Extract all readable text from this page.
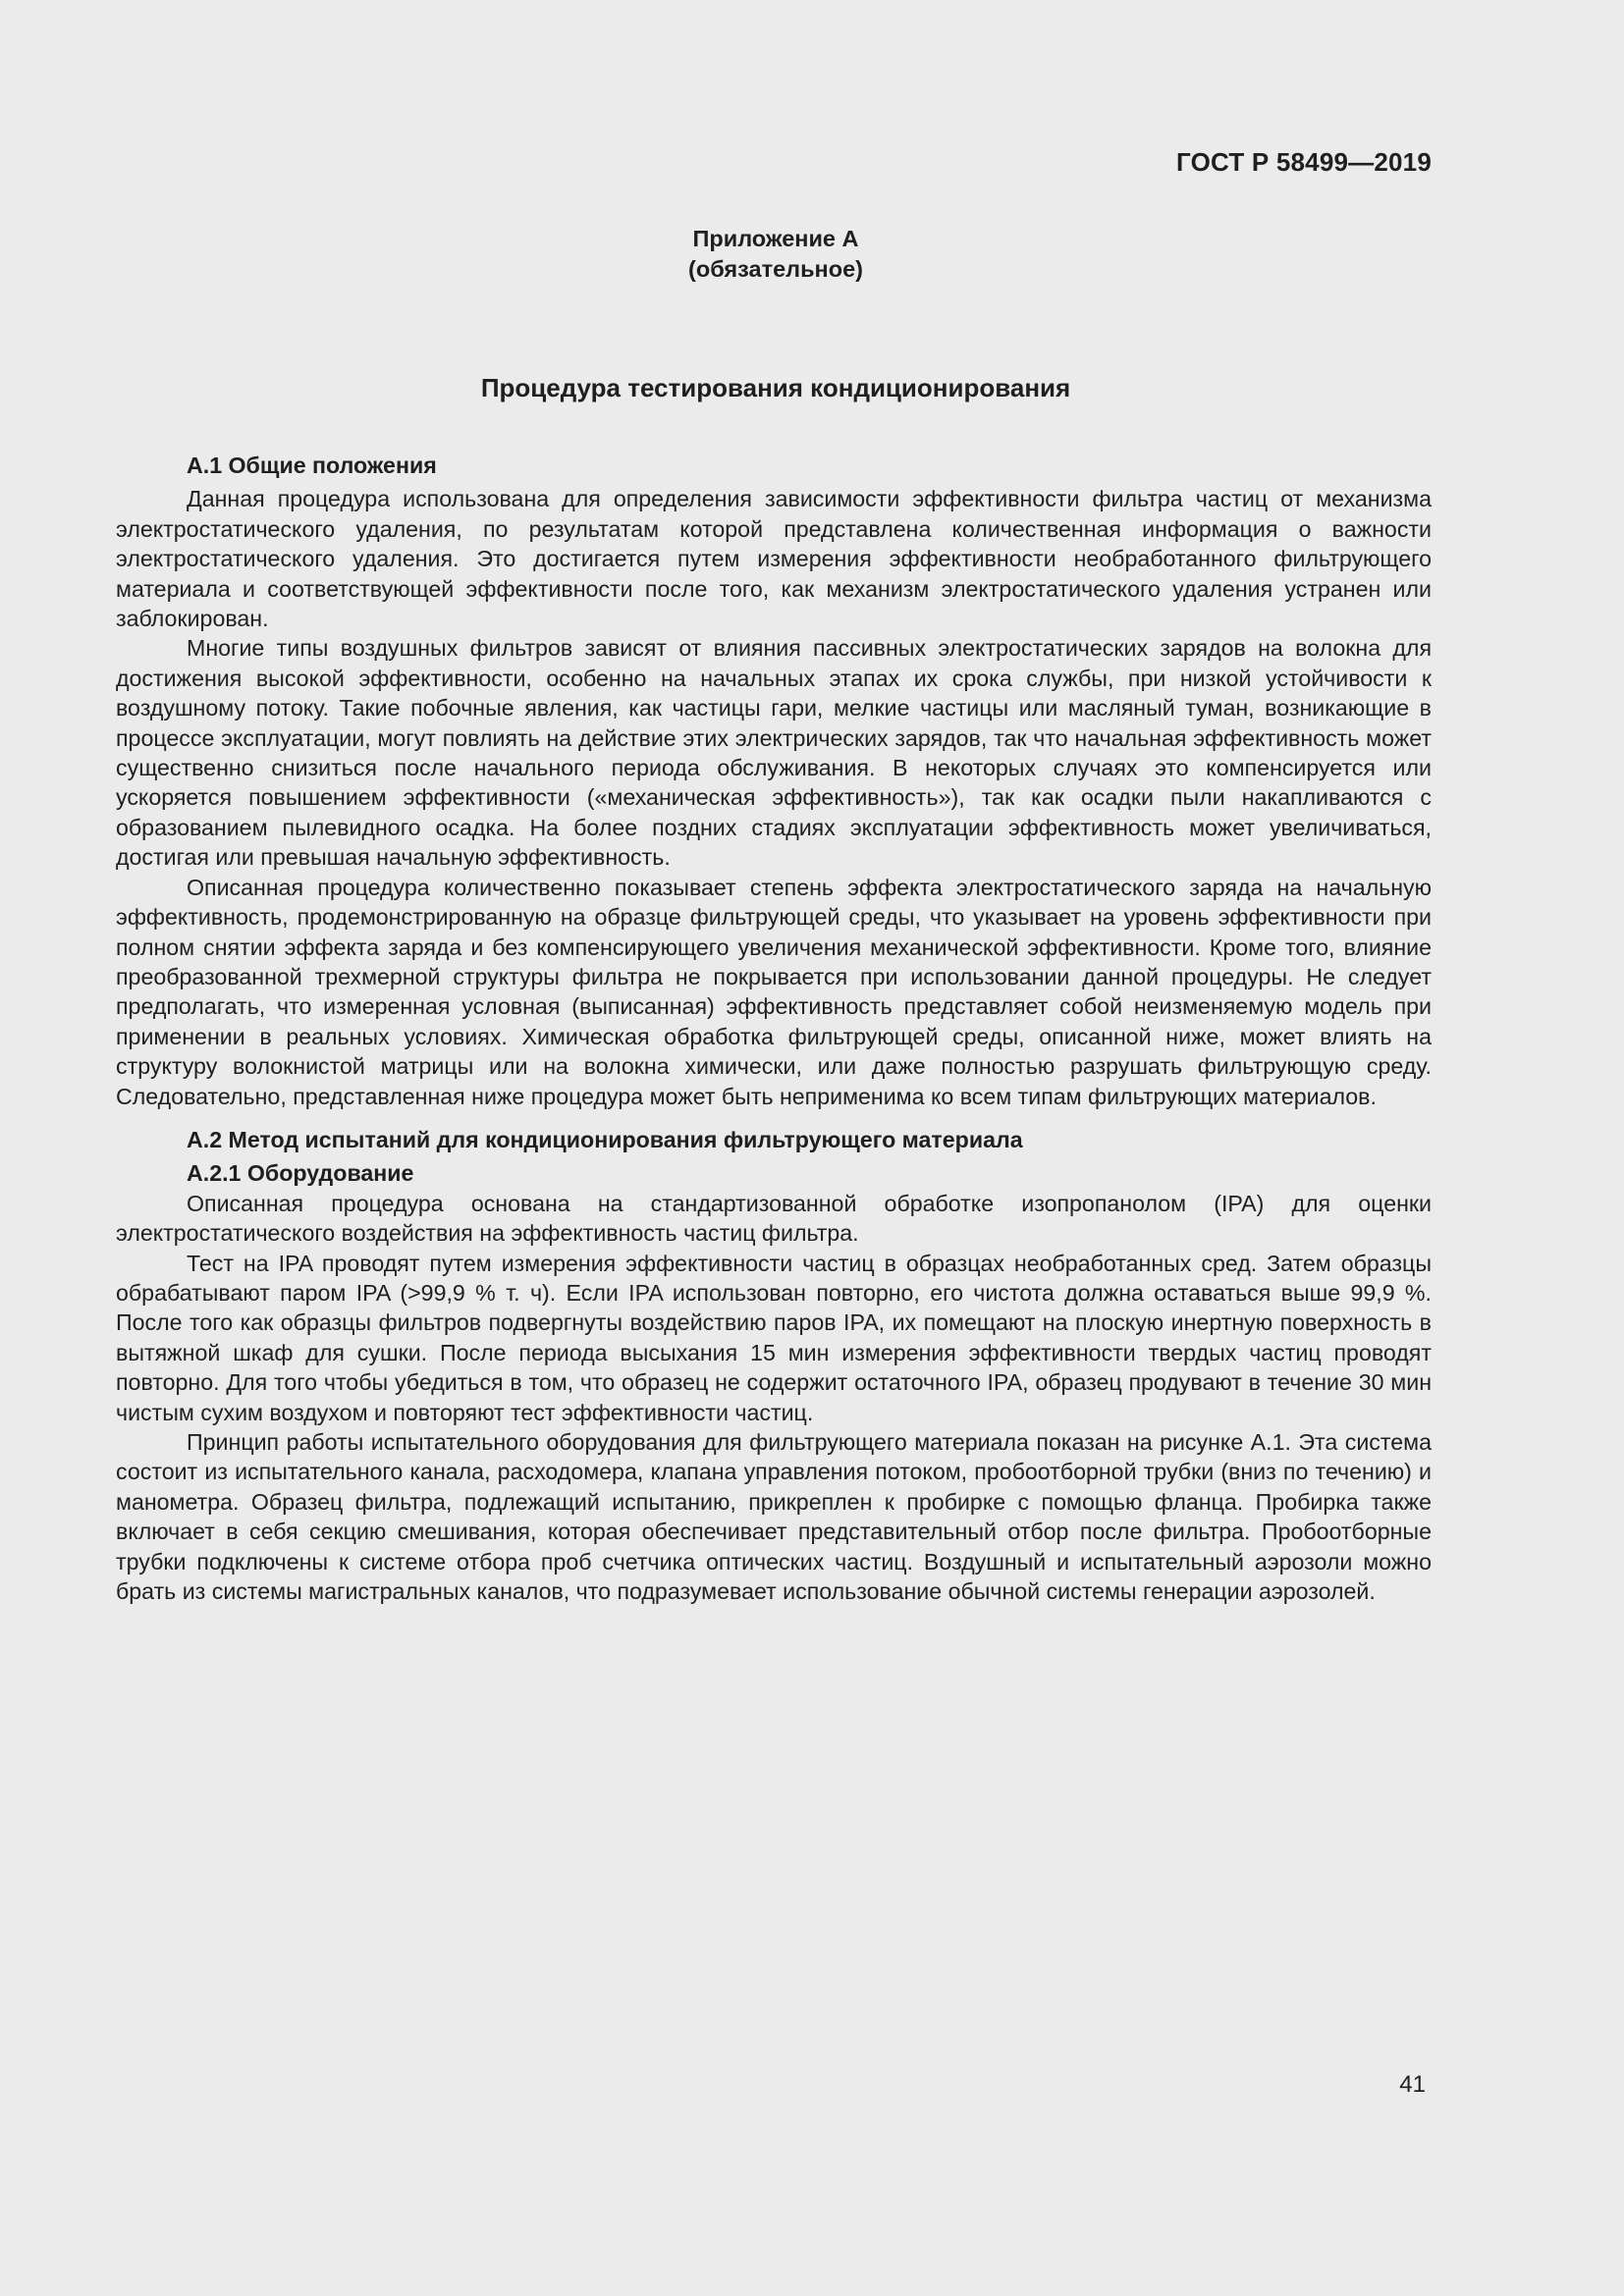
ГОСТ Р 58499—2019
Приложение А
(обязательное)
Процедура тестирования кондиционирования
А.1 Общие положения

Данная процедура использована для определения зависимости эффективности фильтра частиц от механизма электростатического удаления, по результатам которой представлена количественная информация о важности электростатического удаления. Это достигается путем измерения эффективности необработанного фильтрующего материала и соответствующей эффективности после того, как механизм электростатического удаления устранен или заблокирован.

Многие типы воздушных фильтров зависят от влияния пассивных электростатических зарядов на волокна для достижения высокой эффективности, особенно на начальных этапах их срока службы, при низкой устойчивости к воздушному потоку. Такие побочные явления, как частицы гари, мелкие частицы или масляный туман, возникающие в процессе эксплуатации, могут повлиять на действие этих электрических зарядов, так что начальная эффективность может существенно снизиться после начального периода обслуживания. В некоторых случаях это компенсируется или ускоряется повышением эффективности («механическая эффективность»), так как осадки пыли накапливаются с образованием пылевидного осадка. На более поздних стадиях эксплуатации эффективность может увеличиваться, достигая или превышая начальную эффективность.

Описанная процедура количественно показывает степень эффекта электростатического заряда на начальную эффективность, продемонстрированную на образце фильтрующей среды, что указывает на уровень эффективности при полном снятии эффекта заряда и без компенсирующего увеличения механической эффективности. Кроме того, влияние преобразованной трехмерной структуры фильтра не покрывается при использовании данной процедуры. Не следует предполагать, что измеренная условная (выписанная) эффективность представляет собой неизменяемую модель при применении в реальных условиях. Химическая обработка фильтрующей среды, описанной ниже, может влиять на структуру волокнистой матрицы или на волокна химически, или даже полностью разрушать фильтрующую среду. Следовательно, представленная ниже процедура может быть неприменима ко всем типам фильтрующих материалов.

А.2 Метод испытаний для кондиционирования фильтрующего материала
А.2.1 Оборудование

Описанная процедура основана на стандартизованной обработке изопропанолом (IPA) для оценки электростатического воздействия на эффективность частиц фильтра.

Тест на IPA проводят путем измерения эффективности частиц в образцах необработанных сред. Затем образцы обрабатывают паром IPA (>99,9 % т. ч). Если IPA использован повторно, его чистота должна оставаться выше 99,9 %. После того как образцы фильтров подвергнуты воздействию паров IPA, их помещают на плоскую инертную поверхность в вытяжной шкаф для сушки. После периода высыхания 15 мин измерения эффективности твердых частиц проводят повторно. Для того чтобы убедиться в том, что образец не содержит остаточного IPA, образец продувают в течение 30 мин чистым сухим воздухом и повторяют тест эффективности частиц.

Принцип работы испытательного оборудования для фильтрующего материала показан на рисунке А.1. Эта система состоит из испытательного канала, расходомера, клапана управления потоком, пробоотборной трубки (вниз по течению) и манометра. Образец фильтра, подлежащий испытанию, прикреплен к пробирке с помощью фланца. Пробирка также включает в себя секцию смешивания, которая обеспечивает представительный отбор после фильтра. Пробоотборные трубки подключены к системе отбора проб счетчика оптических частиц. Воздушный и испытательный аэрозоли можно брать из системы магистральных каналов, что подразумевает использование обычной системы генерации аэрозолей.

41
